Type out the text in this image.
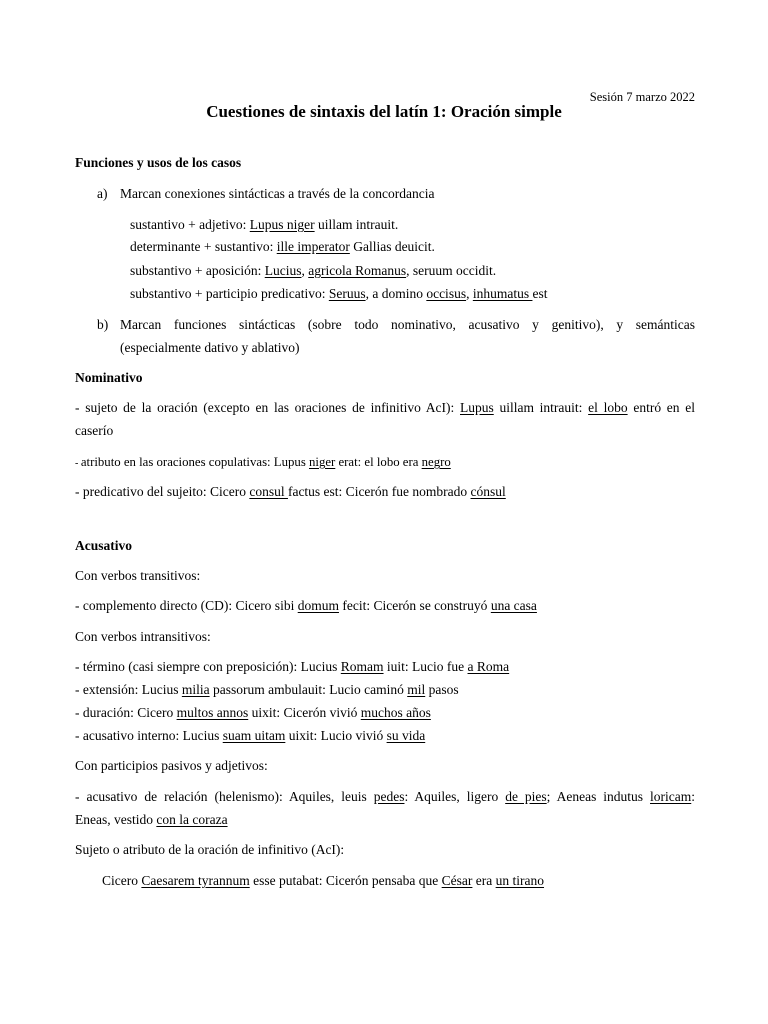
Sesión 7 marzo 2022
Cuestiones de sintaxis del latín 1: Oración simple
Funciones y usos de los casos
a) Marcan conexiones sintácticas a través de la concordancia
sustantivo + adjetivo: Lupus niger uillam intrauit.
determinante + sustantivo: ille imperator Gallias deuicit.
substantivo + aposición: Lucius, agricola Romanus, seruum occidit.
substantivo + participio predicativo: Seruus, a domino occisus, inhumatus est
b) Marcan funciones sintácticas (sobre todo nominativo, acusativo y genitivo), y semánticas
(especialmente dativo y ablativo)
Nominativo
- sujeto de la oración (excepto en las oraciones de infinitivo AcI): Lupus uillam intrauit: el lobo entró en el
caserío
- atributo en las oraciones copulativas: Lupus niger erat: el lobo era negro
- predicativo del sujeito: Cicero consul factus est: Cicerón fue nombrado cónsul
Acusativo
Con verbos transitivos:
- complemento directo (CD): Cicero sibi domum fecit: Cicerón se construyó una casa
Con verbos intransitivos:
- término (casi siempre con preposición): Lucius Romam iuit: Lucio fue a Roma
- extensión: Lucius milia passorum ambulauit: Lucio caminó mil pasos
- duración: Cicero multos annos uixit: Cicerón vivió muchos años
- acusativo interno: Lucius suam uitam uixit: Lucio vivió su vida
Con participios pasivos y adjetivos:
- acusativo de relación (helenismo): Aquiles, leuis pedes: Aquiles, ligero de pies; Aeneas indutus loricam:
Eneas, vestido con la coraza
Sujeto o atributo de la oración de infinitivo (AcI):
Cicero Caesarem tyrannum esse putabat: Cicerón pensaba que César era un tirano
